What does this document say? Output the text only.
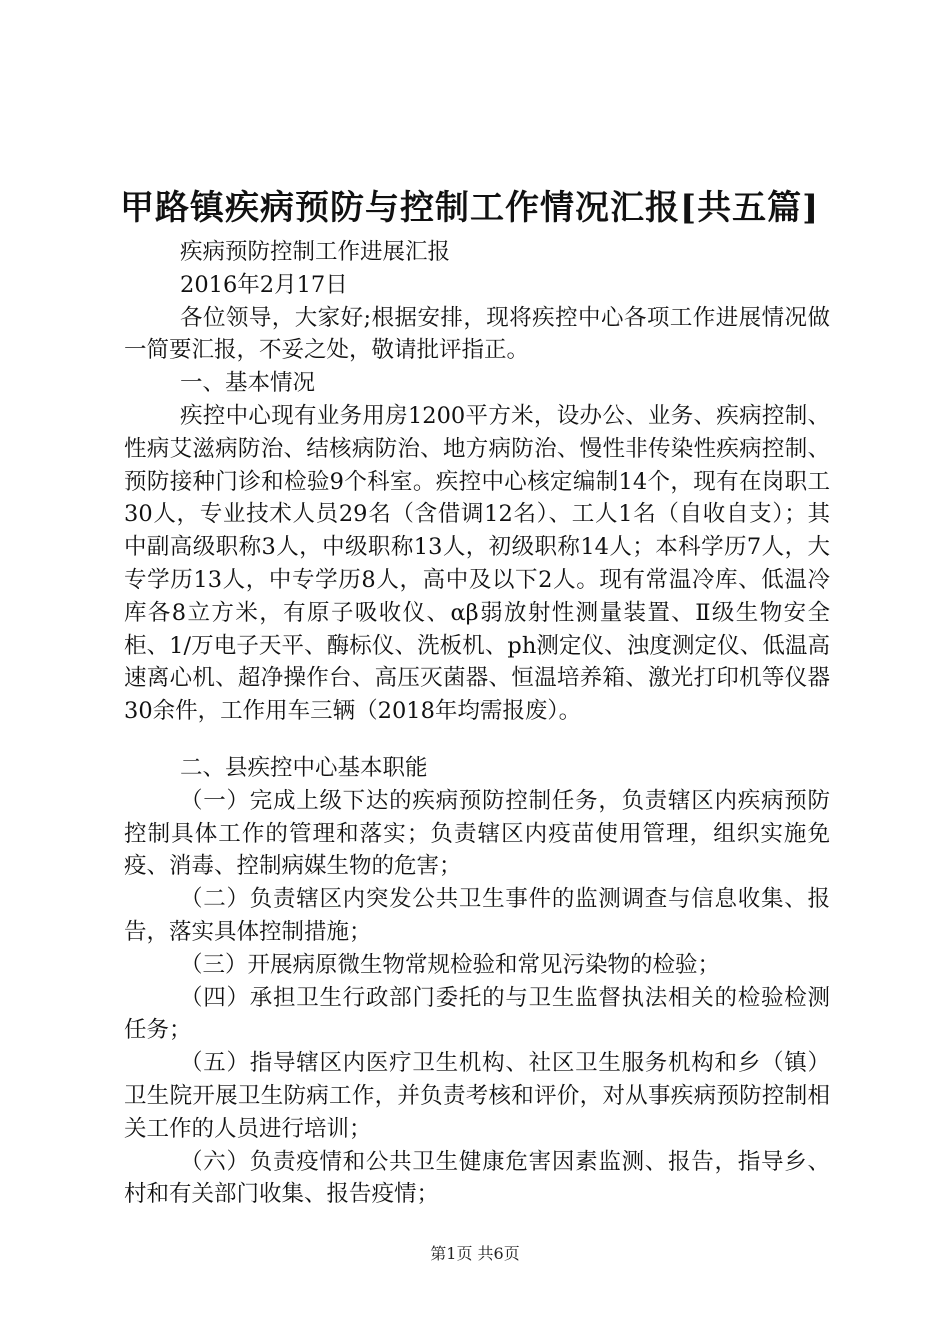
甲路镇疾病预防与控制工作情况汇报[共五篇]

疾病预防控制工作进展汇报

2016年2月17日

各位领导，大家好;根据安排，现将疾控中心各项工作进展情况做一简要汇报，不妥之处，敬请批评指正。

一、基本情况

疾控中心现有业务用房1200平方米，设办公、业务、疾病控制、性病艾滋病防治、结核病防治、地方病防治、慢性非传染性疾病控制、预防接种门诊和检验9个科室。疾控中心核定编制14个，现有在岗职工30人，专业技术人员29名（含借调12名）、工人1名（自收自支）；其中副高级职称3人，中级职称13人，初级职称14人；本科学历7人，大专学历13人，中专学历8人，高中及以下2人。现有常温冷库、低温冷库各8立方米，有原子吸收仪、αβ弱放射性测量装置、Ⅱ级生物安全柜、1/万电子天平、酶标仪、洗板机、ph测定仪、浊度测定仪、低温高速离心机、超净操作台、高压灭菌器、恒温培养箱、激光打印机等仪器30余件，工作用车三辆（2018年均需报废）。

二、县疾控中心基本职能

（一）完成上级下达的疾病预防控制任务，负责辖区内疾病预防控制具体工作的管理和落实；负责辖区内疫苗使用管理，组织实施免疫、消毒、控制病媒生物的危害；

（二）负责辖区内突发公共卫生事件的监测调查与信息收集、报告，落实具体控制措施；

（三）开展病原微生物常规检验和常见污染物的检验；

（四）承担卫生行政部门委托的与卫生监督执法相关的检验检测任务；

（五）指导辖区内医疗卫生机构、社区卫生服务机构和乡（镇）卫生院开展卫生防病工作，并负责考核和评价，对从事疾病预防控制相关工作的人员进行培训；

（六）负责疫情和公共卫生健康危害因素监测、报告，指导乡、村和有关部门收集、报告疫情；

第1页 共6页
